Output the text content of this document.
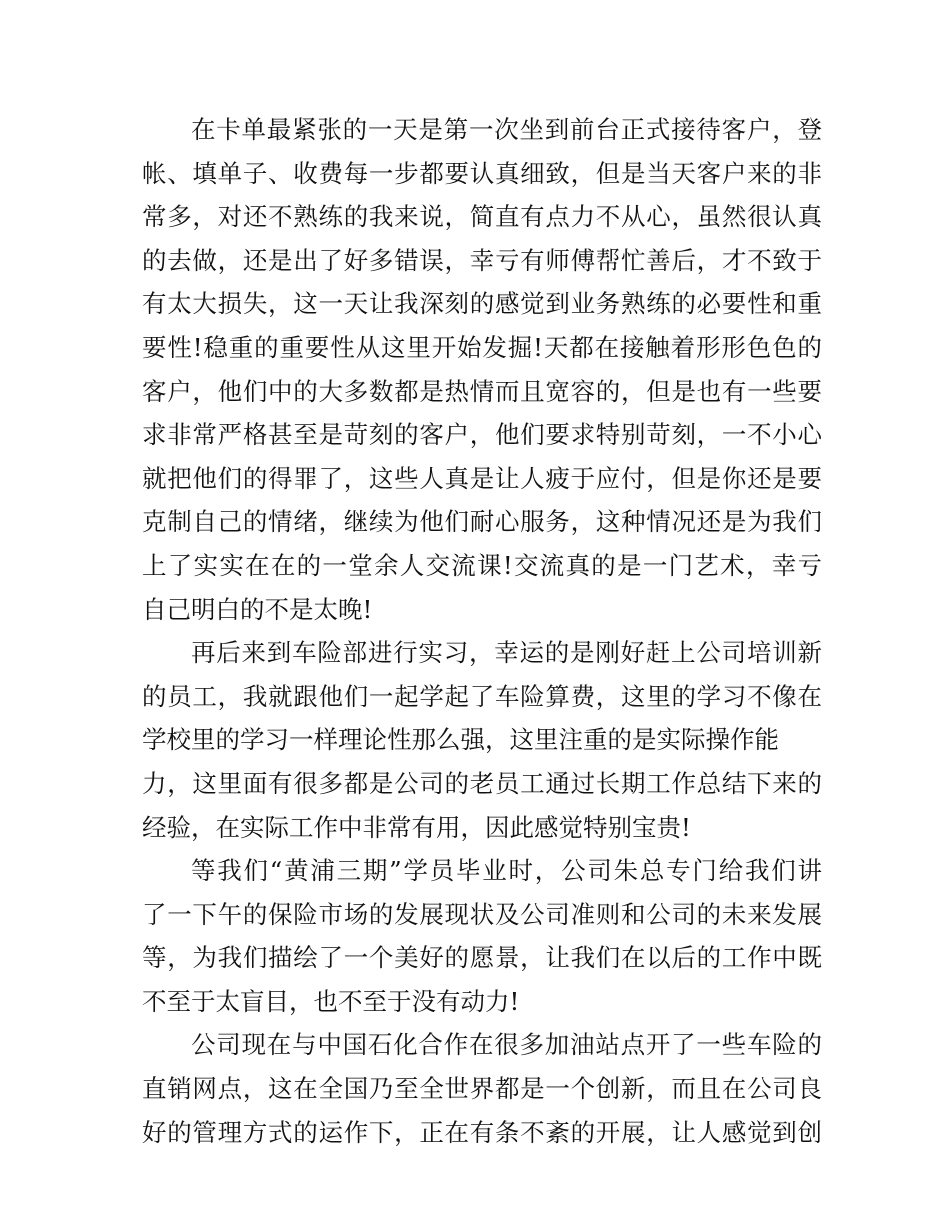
在卡单最紧张的一天是第一次坐到前台正式接待客户，登
帐、填单子、收费每一步都要认真细致，但是当天客户来的非
常多，对还不熟练的我来说，简直有点力不从心，虽然很认真
的去做，还是出了好多错误，幸亏有师傅帮忙善后，才不致于
有太大损失，这一天让我深刻的感觉到业务熟练的必要性和重
要性!稳重的重要性从这里开始发掘!天都在接触着形形色色的
客户，他们中的大多数都是热情而且宽容的，但是也有一些要
求非常严格甚至是苛刻的客户，他们要求特别苛刻，一不小心
就把他们的得罪了，这些人真是让人疲于应付，但是你还是要
克制自己的情绪，继续为他们耐心服务，这种情况还是为我们
上了实实在在的一堂余人交流课!交流真的是一门艺术，幸亏
自己明白的不是太晚!
再后来到车险部进行实习，幸运的是刚好赶上公司培训新
的员工，我就跟他们一起学起了车险算费，这里的学习不像在
学校里的学习一样理论性那么强，这里注重的是实际操作能
力，这里面有很多都是公司的老员工通过长期工作总结下来的
经验，在实际工作中非常有用，因此感觉特别宝贵!
等我们“黄浦三期”学员毕业时，公司朱总专门给我们讲
了一下午的保险市场的发展现状及公司准则和公司的未来发展
等，为我们描绘了一个美好的愿景，让我们在以后的工作中既
不至于太盲目，也不至于没有动力!
公司现在与中国石化合作在很多加油站点开了一些车险的
直销网点，这在全国乃至全世界都是一个创新，而且在公司良
好的管理方式的运作下，正在有条不紊的开展，让人感觉到创
